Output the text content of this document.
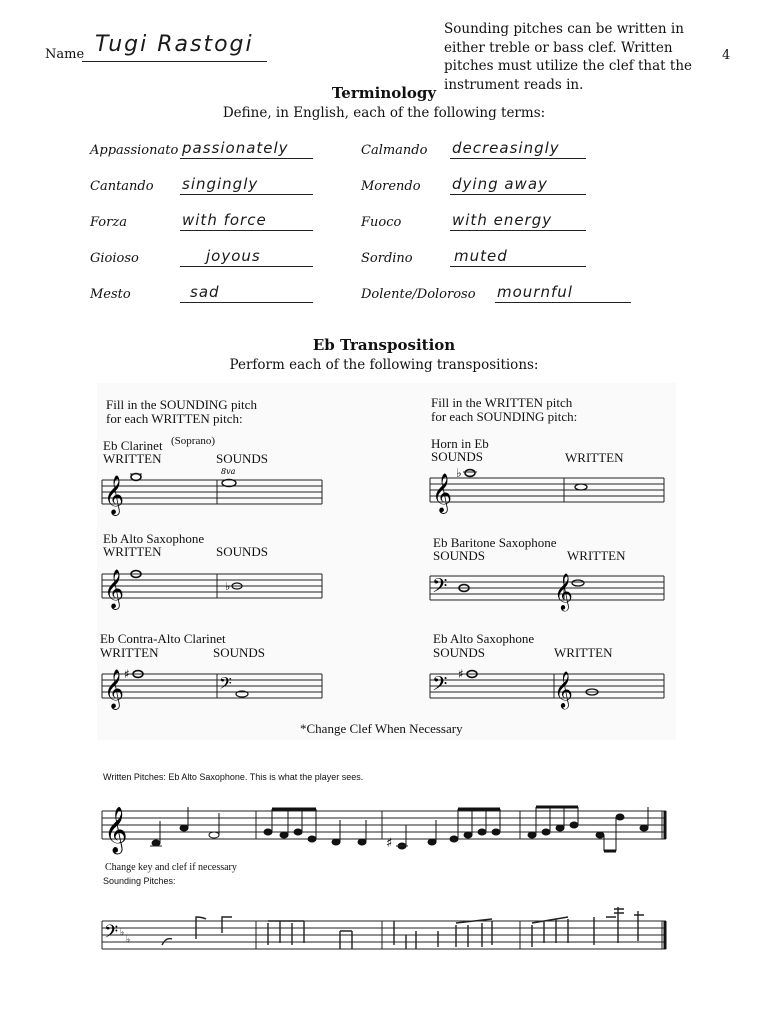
Name Tugi Rastogi
Sounding pitches can be written in either treble or bass clef. Written pitches must utilize the clef that the instrument reads in.
4
Terminology
Define, in English, each of the following terms:
Appassionato passionately
Cantando singingly
Forza	with force
Gioioso	joyous
Mesto	sad
Calmando decreasingly
Morendo dying away
Fuoco	with energy
Sordino	muted
Dolente/Doloroso mournful
Eb Transposition
Perform each of the following transpositions:
Fill in the SOUNDING pitch
for each WRITTEN pitch:
Fill in the WRITTEN pitch
for each SOUNDING pitch:
Eb Clarinet (Soprano)
WRITTEN	SOUNDS
Eb Alto Saxophone
WRITTEN	SOUNDS
Eb Contra-Alto Clarinet
WRITTEN	SOUNDS
Horn in Eb
SOUNDS	WRITTEN
Eb Baritone Saxophone
SOUNDS	WRITTEN
Eb Alto Saxophone
SOUNDS	WRITTEN
𝄞
8va
𝄞	♭
𝄞 ♯	𝄢
𝄞 ♭
𝄢	𝄞
𝄢 ♯	𝄞
*Change Clef When Necessary
Written Pitches: Eb Alto Saxophone. This is what the player sees.
𝄞	♯
Change key and clef if necessary
Sounding Pitches:
𝄢 ♭
♭
